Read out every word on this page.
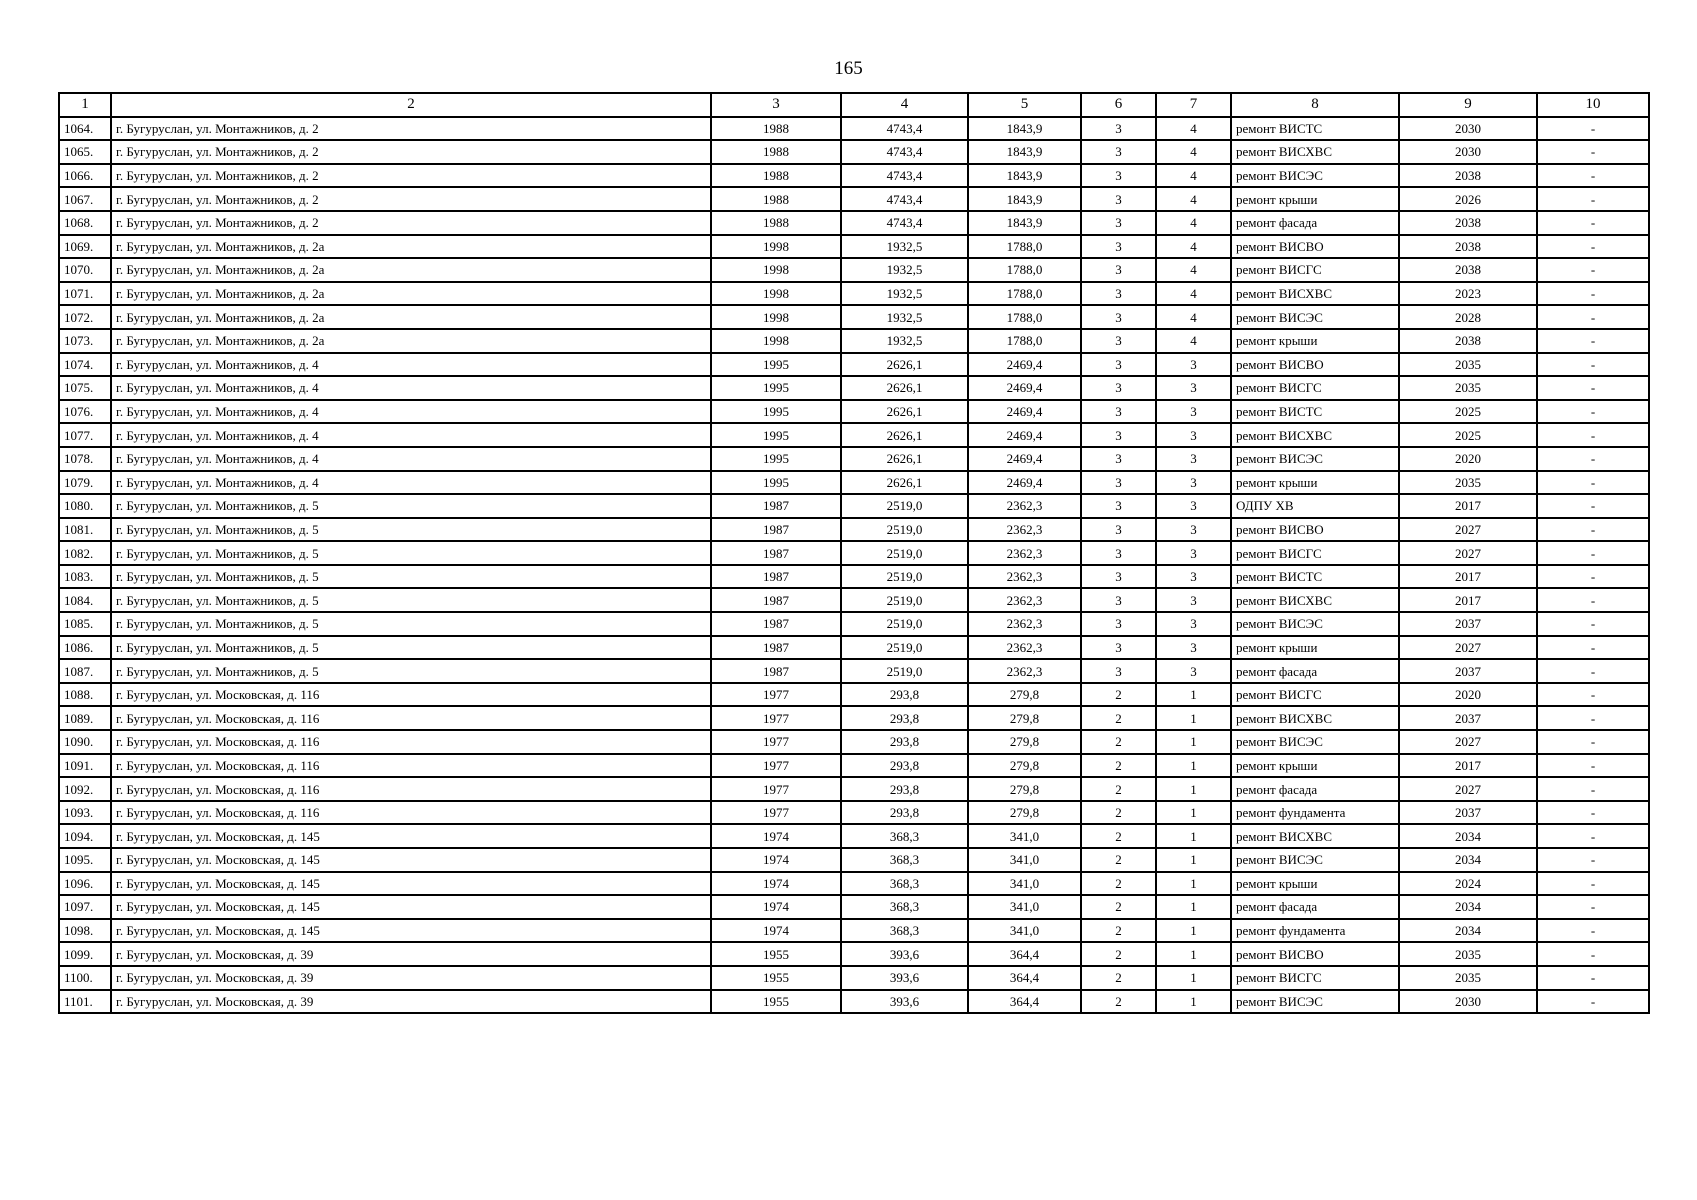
165
1	2	3	4	5	6	7	8	9	10
1064.	г. Бугуруслан, ул. Монтажников, д. 2	1988	4743,4	1843,9	3	4	ремонт ВИСТС	2030	-
1065.	г. Бугуруслан, ул. Монтажников, д. 2	1988	4743,4	1843,9	3	4	ремонт ВИСХВС	2030	-
1066.	г. Бугуруслан, ул. Монтажников, д. 2	1988	4743,4	1843,9	3	4	ремонт ВИСЭС	2038	-
1067.	г. Бугуруслан, ул. Монтажников, д. 2	1988	4743,4	1843,9	3	4	ремонт крыши	2026	-
1068.	г. Бугуруслан, ул. Монтажников, д. 2	1988	4743,4	1843,9	3	4	ремонт фасада	2038	-
1069.	г. Бугуруслан, ул. Монтажников, д. 2а	1998	1932,5	1788,0	3	4	ремонт ВИСВО	2038	-
1070.	г. Бугуруслан, ул. Монтажников, д. 2а	1998	1932,5	1788,0	3	4	ремонт ВИСГС	2038	-
1071.	г. Бугуруслан, ул. Монтажников, д. 2а	1998	1932,5	1788,0	3	4	ремонт ВИСХВС	2023	-
1072.	г. Бугуруслан, ул. Монтажников, д. 2а	1998	1932,5	1788,0	3	4	ремонт ВИСЭС	2028	-
1073.	г. Бугуруслан, ул. Монтажников, д. 2а	1998	1932,5	1788,0	3	4	ремонт крыши	2038	-
1074.	г. Бугуруслан, ул. Монтажников, д. 4	1995	2626,1	2469,4	3	3	ремонт ВИСВО	2035	-
1075.	г. Бугуруслан, ул. Монтажников, д. 4	1995	2626,1	2469,4	3	3	ремонт ВИСГС	2035	-
1076.	г. Бугуруслан, ул. Монтажников, д. 4	1995	2626,1	2469,4	3	3	ремонт ВИСТС	2025	-
1077.	г. Бугуруслан, ул. Монтажников, д. 4	1995	2626,1	2469,4	3	3	ремонт ВИСХВС	2025	-
1078.	г. Бугуруслан, ул. Монтажников, д. 4	1995	2626,1	2469,4	3	3	ремонт ВИСЭС	2020	-
1079.	г. Бугуруслан, ул. Монтажников, д. 4	1995	2626,1	2469,4	3	3	ремонт крыши	2035	-
1080.	г. Бугуруслан, ул. Монтажников, д. 5	1987	2519,0	2362,3	3	3	ОДПУ ХВ	2017	-
1081.	г. Бугуруслан, ул. Монтажников, д. 5	1987	2519,0	2362,3	3	3	ремонт ВИСВО	2027	-
1082.	г. Бугуруслан, ул. Монтажников, д. 5	1987	2519,0	2362,3	3	3	ремонт ВИСГС	2027	-
1083.	г. Бугуруслан, ул. Монтажников, д. 5	1987	2519,0	2362,3	3	3	ремонт ВИСТС	2017	-
1084.	г. Бугуруслан, ул. Монтажников, д. 5	1987	2519,0	2362,3	3	3	ремонт ВИСХВС	2017	-
1085.	г. Бугуруслан, ул. Монтажников, д. 5	1987	2519,0	2362,3	3	3	ремонт ВИСЭС	2037	-
1086.	г. Бугуруслан, ул. Монтажников, д. 5	1987	2519,0	2362,3	3	3	ремонт крыши	2027	-
1087.	г. Бугуруслан, ул. Монтажников, д. 5	1987	2519,0	2362,3	3	3	ремонт фасада	2037	-
1088.	г. Бугуруслан, ул. Московская, д. 116	1977	293,8	279,8	2	1	ремонт ВИСГС	2020	-
1089.	г. Бугуруслан, ул. Московская, д. 116	1977	293,8	279,8	2	1	ремонт ВИСХВС	2037	-
1090.	г. Бугуруслан, ул. Московская, д. 116	1977	293,8	279,8	2	1	ремонт ВИСЭС	2027	-
1091.	г. Бугуруслан, ул. Московская, д. 116	1977	293,8	279,8	2	1	ремонт крыши	2017	-
1092.	г. Бугуруслан, ул. Московская, д. 116	1977	293,8	279,8	2	1	ремонт фасада	2027	-
1093.	г. Бугуруслан, ул. Московская, д. 116	1977	293,8	279,8	2	1	ремонт фундамента	2037	-
1094.	г. Бугуруслан, ул. Московская, д. 145	1974	368,3	341,0	2	1	ремонт ВИСХВС	2034	-
1095.	г. Бугуруслан, ул. Московская, д. 145	1974	368,3	341,0	2	1	ремонт ВИСЭС	2034	-
1096.	г. Бугуруслан, ул. Московская, д. 145	1974	368,3	341,0	2	1	ремонт крыши	2024	-
1097.	г. Бугуруслан, ул. Московская, д. 145	1974	368,3	341,0	2	1	ремонт фасада	2034	-
1098.	г. Бугуруслан, ул. Московская, д. 145	1974	368,3	341,0	2	1	ремонт фундамента	2034	-
1099.	г. Бугуруслан, ул. Московская, д. 39	1955	393,6	364,4	2	1	ремонт ВИСВО	2035	-
1100.	г. Бугуруслан, ул. Московская, д. 39	1955	393,6	364,4	2	1	ремонт ВИСГС	2035	-
1101.	г. Бугуруслан, ул. Московская, д. 39	1955	393,6	364,4	2	1	ремонт ВИСЭС	2030	-
